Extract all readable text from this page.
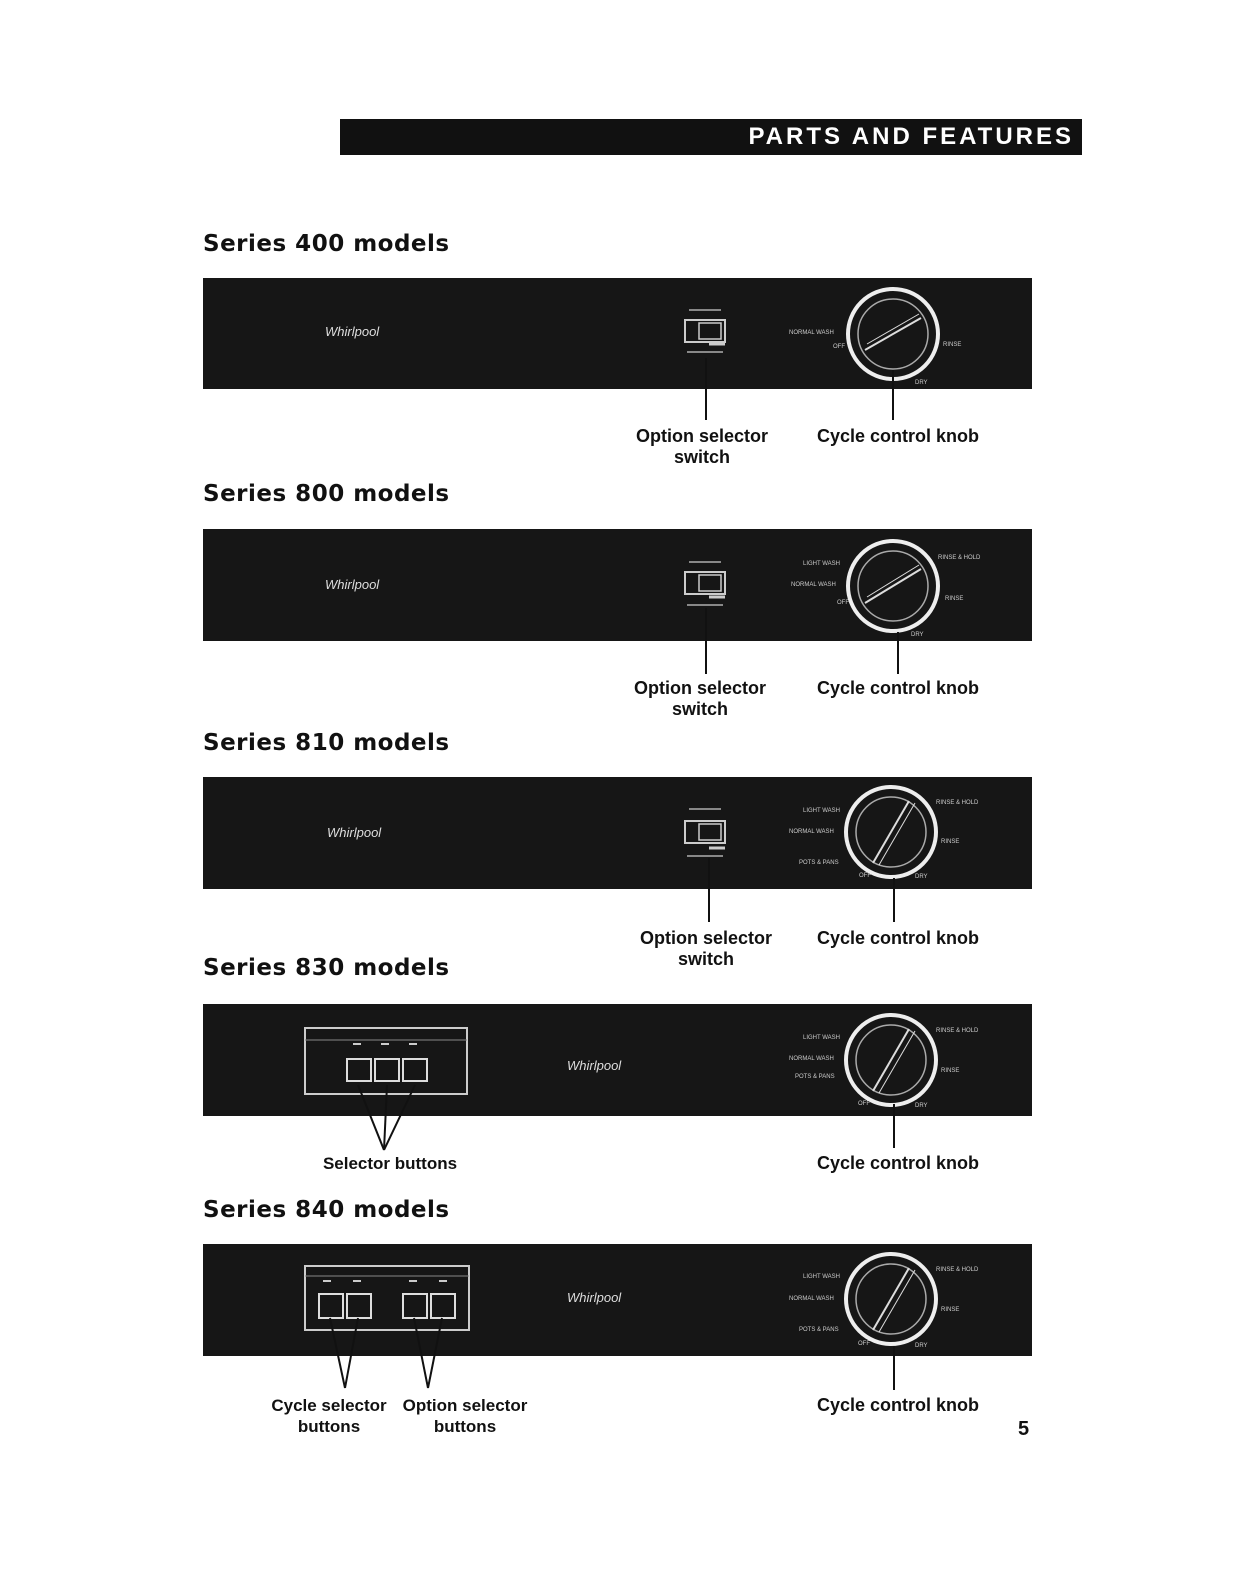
PARTS AND FEATURES
Series 400 models
Whirlpool	NORMAL WASH
OFF	RINSE
DRY
Option selector
switch
Cycle control knob
Series 800 models
Whirlpool
LIGHT WASH
NORMAL WASH
OFF
RINSE & HOLD
RINSE
DRY
Option selector
switch
Cycle control knob
Series 810 models
Whirlpool
LIGHT WASH
NORMAL WASH
POTS & PANS
OFF
RINSE & HOLD
RINSE
DRY
Option selector
switch
Cycle control knob
Series 830 models
Whirlpool
LIGHT WASH
NORMAL WASH
POTS & PANS
OFF
RINSE & HOLD
RINSE
DRY
Selector buttons	Cycle control knob
Series 840 models
Whirlpool
LIGHT WASH
NORMAL WASH
POTS & PANS
OFF
RINSE & HOLD
RINSE
DRY
Cycle selector
buttons
Option selector
buttons
Cycle control knob
5
